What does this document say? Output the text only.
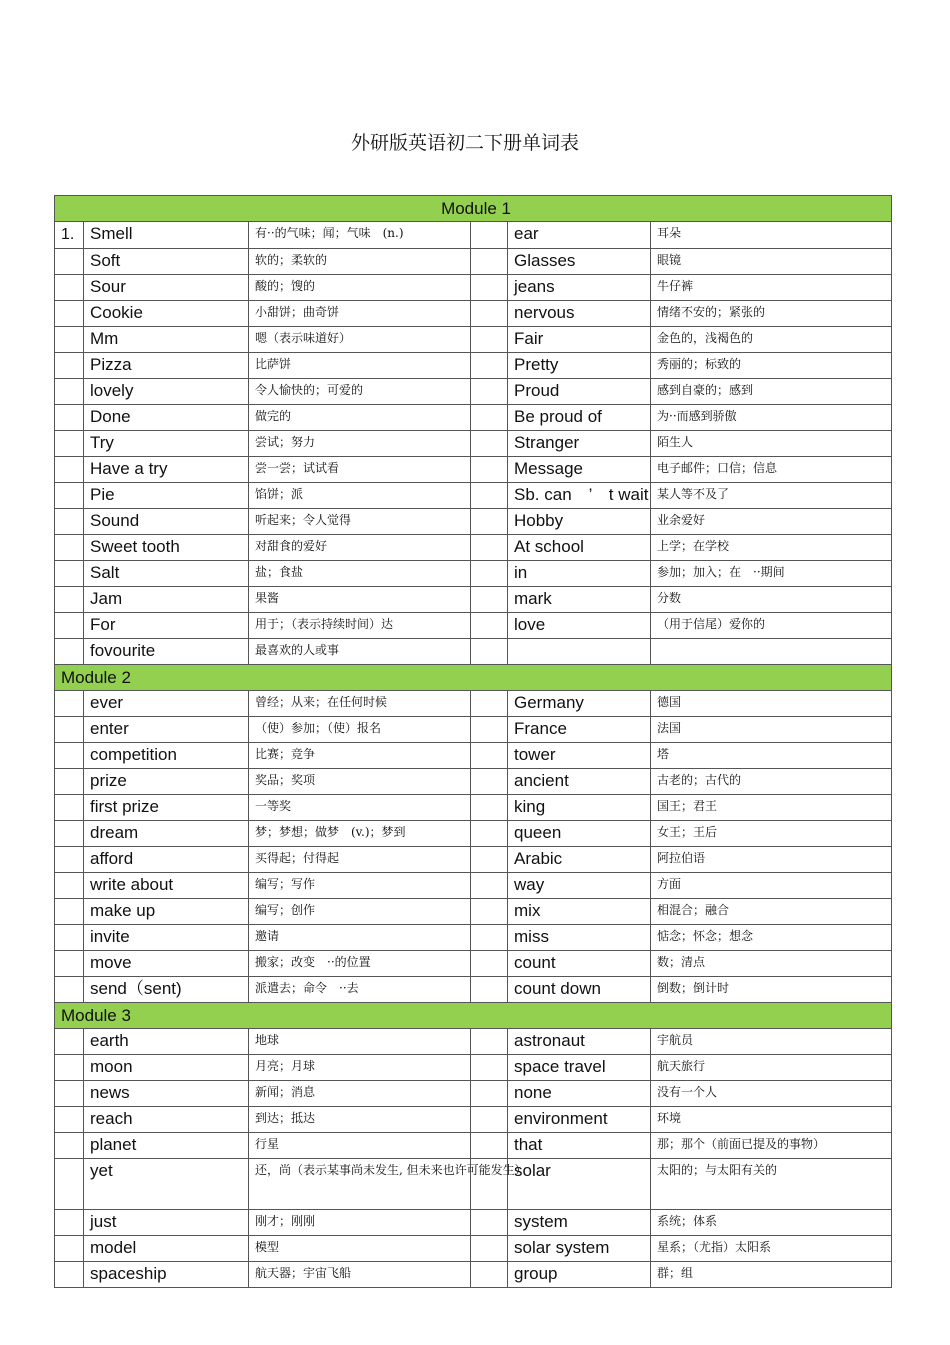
外研版英语初二下册单词表
Module 1					
1.	Smell	有··的气味；闻；气味　(n.)		ear	耳朵
	Soft	软的；柔软的		Glasses	眼镜
	Sour	酸的；馊的		jeans	牛仔裤
	Cookie	小甜饼；曲奇饼		nervous	情绪不安的；紧张的
	Mm	嗯（表示味道好）		Fair	金色的，浅褐色的
	Pizza	比萨饼		Pretty	秀丽的；标致的
	lovely	令人愉快的；可爱的		Proud	感到自豪的；感到
	Done	做完的		Be proud of	为··而感到骄傲
	Try	尝试；努力		Stranger	陌生人
	Have a try	尝一尝；试试看		Message	电子邮件；口信；信息
	Pie	馅饼；派		Sb. can　’　t wait	某人等不及了
	Sound	听起来；令人觉得		Hobby	业余爱好
	Sweet tooth	对甜食的爱好		At school	上学；在学校
	Salt	盐；食盐		in	参加；加入；在　··期间
	Jam	果酱		mark	分数
	For	用于；（表示持续时间）达		love	（用于信尾）爱你的
	fovourite	最喜欢的人或事			
Module 2					
	ever	曾经；从来；在任何时候		Germany	德国
	enter	（使）参加；（使）报名		France	法国
	competition	比赛；竞争		tower	塔
	prize	奖品；奖项		ancient	古老的；古代的
	first prize	一等奖		king	国王；君王
	dream	梦；梦想；做梦　(v.)；梦到		queen	女王；王后
	afford	买得起；付得起		Arabic	阿拉伯语
	write about	编写；写作		way	方面
	make up	编写；创作		mix	相混合；融合
	invite	邀请		miss	惦念；怀念；想念
	move	搬家；改变　··的位置		count	数；清点
	send（sent)	派遣去；命令　··去		count down	倒数；倒计时
Module 3					
	earth	地球		astronaut	宇航员
	moon	月亮；月球		space travel	航天旅行
	news	新闻；消息		none	没有一个人
	reach	到达；抵达		environment	环境
	planet	行星		that	那；那个（前面已提及的事物）
	yet	还，尚（表示某事尚未发生, 但未来也许可能发生）		solar	太阳的；与太阳有关的
	just	刚才；刚刚		system	系统；体系
	model	模型		solar system	星系；（尤指）太阳系
	spaceship	航天器；宇宙飞船		group	群；组
